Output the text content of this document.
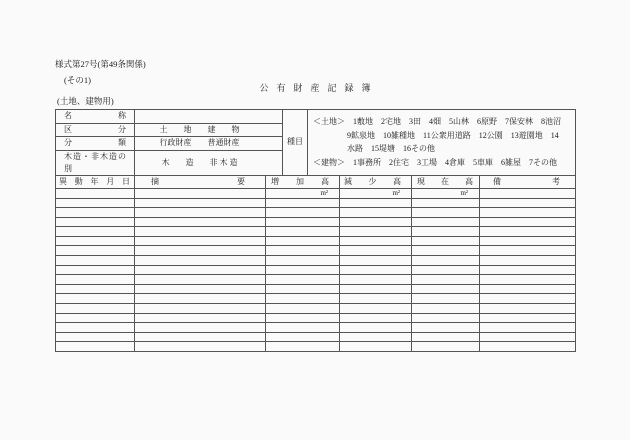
様式第27号(第49条関係)
(その1)
公有財産記録簿
(土地、建物用)
名称		種目	＜土地＞　1敷地　2宅地　3田　4畑　5山林　6原野　7保安林　8池沼
9鉱泉地　10雑種地　11公衆用道路　12公園　13遊園地　14
水路　15堤塘　16その他
＜建物＞　1事務所　2住宅　3工場　4倉庫　5車庫　6雑屋　7その他

区分	土　　地　　建　　物		
分類	行政財産　　普通財産		
木造・非木造の別	木　　造　　非 木 造		
異動年月日	摘要	増加高	減少高	現在高	備考
		m²	m²	m²	
